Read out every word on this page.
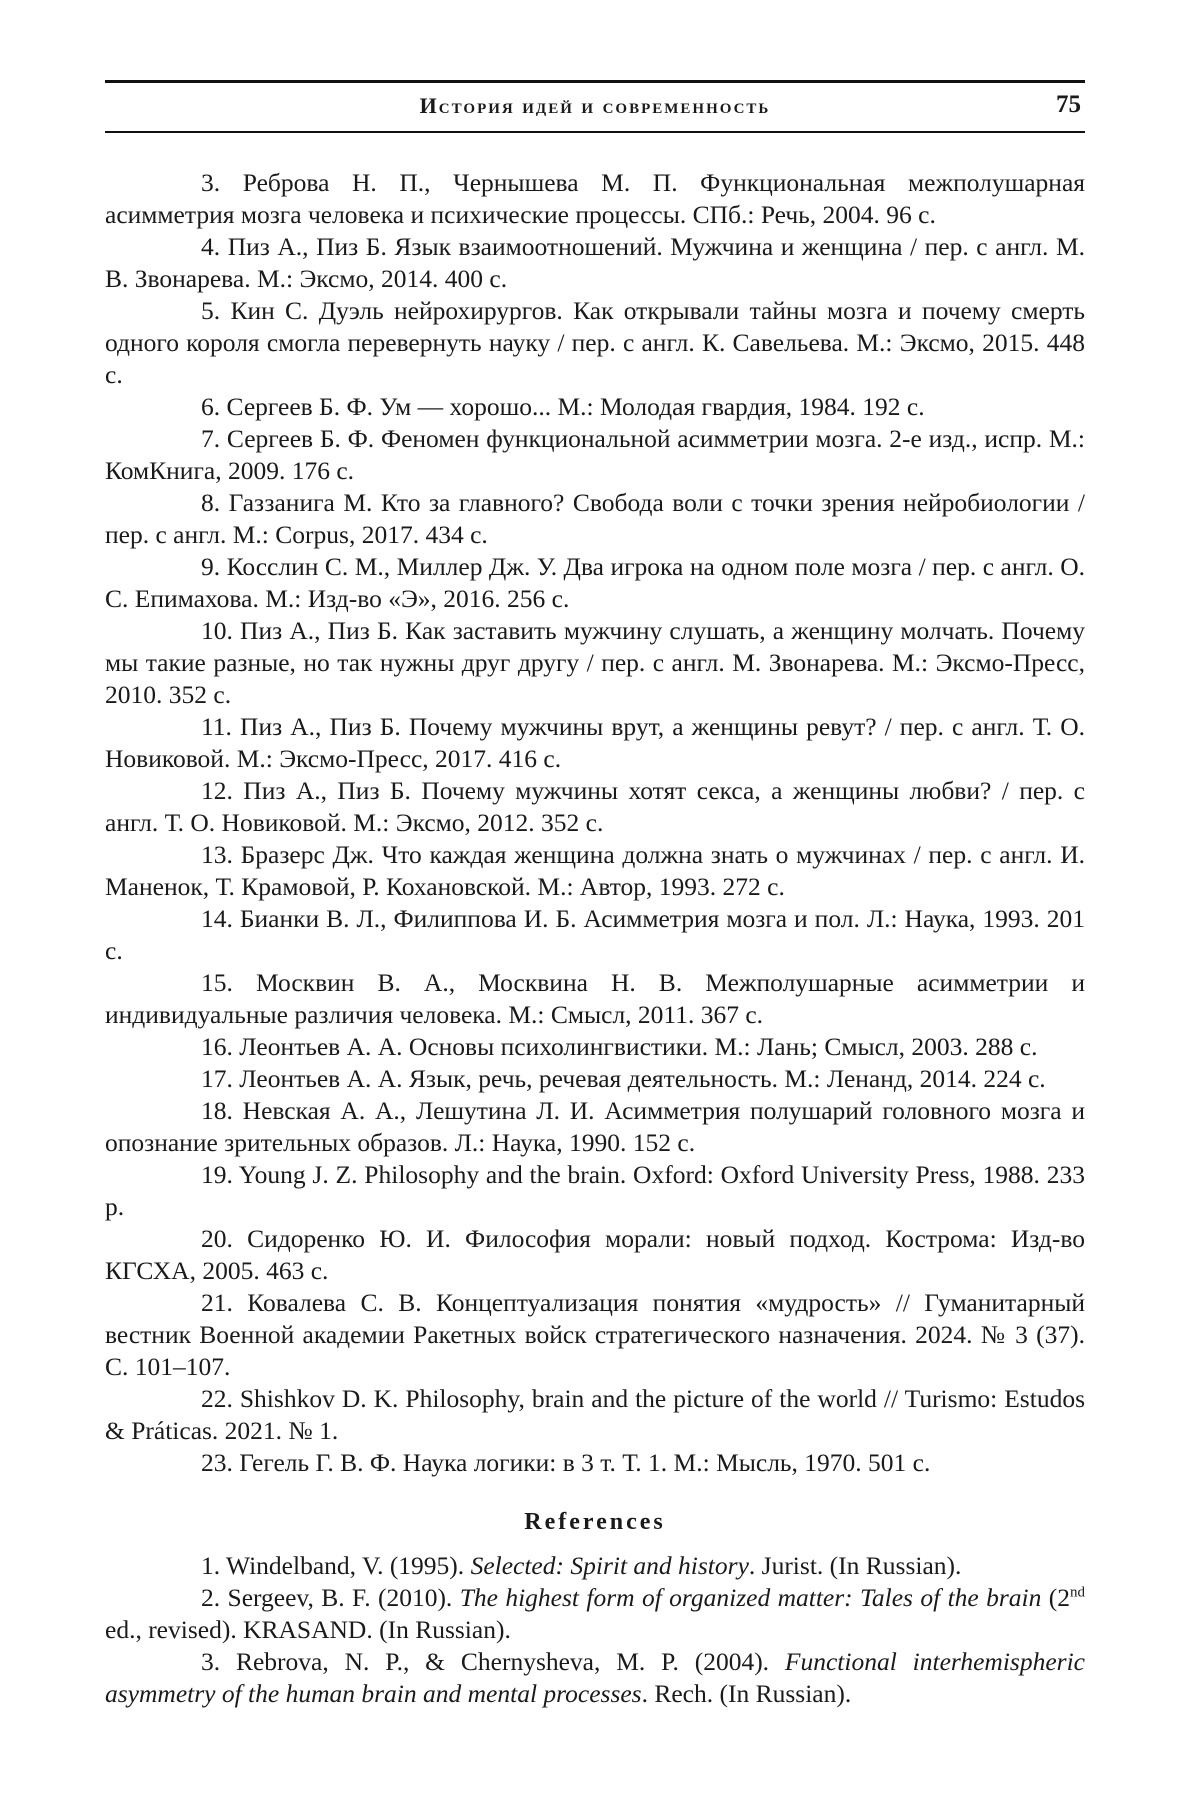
История идей и современность	75

3. Реброва Н. П., Чернышева М. П. Функциональная межполушарная асимметрия мозга человека и психические процессы. СПб.: Речь, 2004. 96 с.

4. Пиз А., Пиз Б. Язык взаимоотношений. Мужчина и женщина / пер. с англ. М. В. Звонарева. М.: Эксмо, 2014. 400 с.

5. Кин С. Дуэль нейрохирургов. Как открывали тайны мозга и почему смерть одного короля смогла перевернуть науку / пер. с англ. К. Савельева. М.: Эксмо, 2015. 448 с.

6. Сергеев Б. Ф. Ум — хорошо... М.: Молодая гвардия, 1984. 192 с.

7. Сергеев Б. Ф. Феномен функциональной асимметрии мозга. 2-е изд., испр. М.: КомКнига, 2009. 176 с.

8. Газзанига М. Кто за главного? Свобода воли с точки зрения нейробиологии / пер. с англ. М.: Corpus, 2017. 434 с.

9. Косслин С. М., Миллер Дж. У. Два игрока на одном поле мозга / пер. с англ. О. С. Епимахова. М.: Изд-во «Э», 2016. 256 с.

10. Пиз А., Пиз Б. Как заставить мужчину слушать, а женщину молчать. Почему мы такие разные, но так нужны друг другу / пер. с англ. М. Звонарева. М.: Эксмо-Пресс, 2010. 352 с.

11. Пиз А., Пиз Б. Почему мужчины врут, а женщины ревут? / пер. с англ. Т. О. Новиковой. М.: Эксмо-Пресс, 2017. 416 с.

12. Пиз А., Пиз Б. Почему мужчины хотят секса, а женщины любви? / пер. с англ. Т. О. Новиковой. М.: Эксмо, 2012. 352 с.

13. Бразерс Дж. Что каждая женщина должна знать о мужчинах / пер. с англ. И. Маненок, Т. Крамовой, Р. Кохановской. М.: Автор, 1993. 272 с.

14. Бианки В. Л., Филиппова И. Б. Асимметрия мозга и пол. Л.: Наука, 1993. 201 с.

15. Москвин В. А., Москвина Н. В. Межполушарные асимметрии и индивидуальные различия человека. М.: Смысл, 2011. 367 с.

16. Леонтьев А. А. Основы психолингвистики. М.: Лань; Смысл, 2003. 288 с.

17. Леонтьев А. А. Язык, речь, речевая деятельность. М.: Ленанд, 2014. 224 с.

18. Невская А. А., Лешутина Л. И. Асимметрия полушарий головного мозга и опознание зрительных образов. Л.: Наука, 1990. 152 с.

19. Young J. Z. Philosophy and the brain. Oxford: Oxford University Press, 1988. 233 p.

20. Сидоренко Ю. И. Философия морали: новый подход. Кострома: Изд-во КГСХА, 2005. 463 с.

21. Ковалева С. В. Концептуализация понятия «мудрость» // Гуманитарный вестник Военной академии Ракетных войск стратегического назначения. 2024. № 3 (37). С. 101–107.

22. Shishkov D. K. Philosophy, brain and the picture of the world // Turismo: Estudos & Práticas. 2021. № 1.

23. Гегель Г. В. Ф. Наука логики: в 3 т. Т. 1. М.: Мысль, 1970. 501 с.

References

1. Windelband, V. (1995). Selected: Spirit and history. Jurist. (In Russian).

2. Sergeev, B. F. (2010). The highest form of organized matter: Tales of the brain (2nd ed., revised). KRASAND. (In Russian).

3. Rebrova, N. P., & Chernysheva, M. P. (2004). Functional interhemispheric asymmetry of the human brain and mental processes. Rech. (In Russian).
